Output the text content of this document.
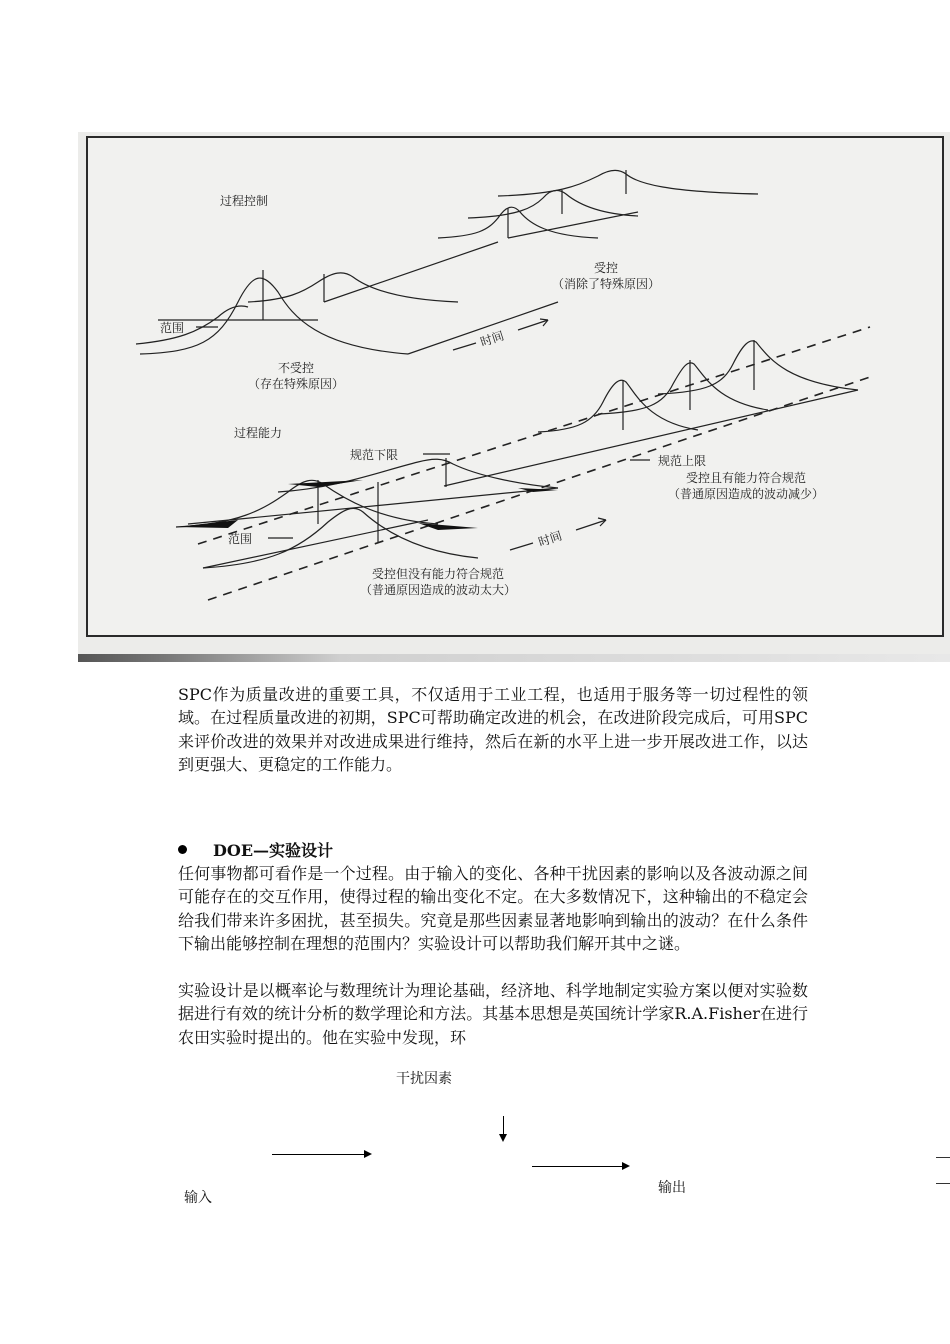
过程控制
受控
（消除了特殊原因）
范围
时间
不受控
（存在特殊原因）
过程能力
规范下限	规范上限
受控且有能力符合规范
（普通原因造成的波动减少）
范围	时间
受控但没有能力符合规范
（普通原因造成的波动太大）
SPC作为质量改进的重要工具，不仅适用于工业工程，也适用于服务等一切过程性的领域。在过程质量改进的初期，SPC可帮助确定改进的机会，在改进阶段完成后，可用SPC来评价改进的效果并对改进成果进行维持，然后在新的水平上进一步开展改进工作，以达到更强大、更稳定的工作能力。
DOE—实验设计
任何事物都可看作是一个过程。由于输入的变化、各种干扰因素的影响以及各波动源之间可能存在的交互作用，使得过程的输出变化不定。在大多数情况下，这种输出的不稳定会给我们带来许多困扰，甚至损失。究竟是那些因素显著地影响到输出的波动？在什么条件下输出能够控制在理想的范围内？实验设计可以帮助我们解开其中之谜。
实验设计是以概率论与数理统计为理论基础，经济地、科学地制定实验方案以便对实验数据进行有效的统计分析的数学理论和方法。其基本思想是英国统计学家R.A.Fisher在进行农田实验时提出的。他在实验中发现，环
干扰因素
输入
输出
